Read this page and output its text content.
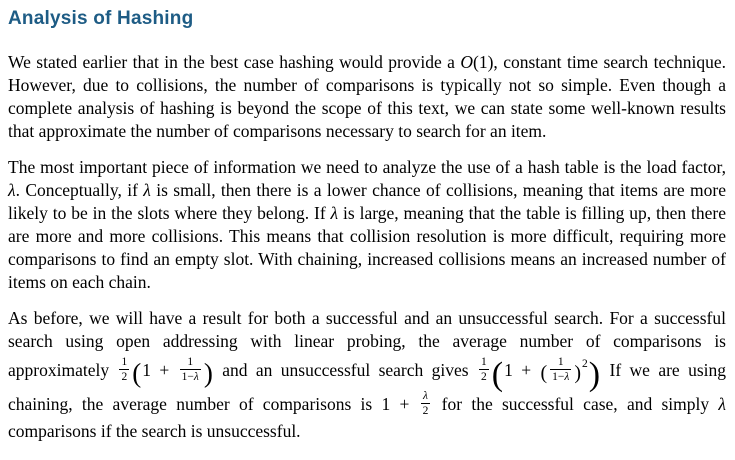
Analysis of Hashing

We stated earlier that in the best case hashing would provide a O(1), constant time search technique. However, due to collisions, the number of comparisons is typically not so simple. Even though a complete analysis of hashing is beyond the scope of this text, we can state some well-known results that approximate the number of comparisons necessary to search for an item.

The most important piece of information we need to analyze the use of a hash table is the load factor, λ. Conceptually, if λ is small, then there is a lower chance of collisions, meaning that items are more likely to be in the slots where they belong. If λ is large, meaning that the table is filling up, then there are more and more collisions. This means that collision resolution is more difficult, requiring more comparisons to find an empty slot. With chaining, increased collisions means an increased number of items on each chain.

As before, we will have a result for both a successful and an unsuccessful search. For a successful search using open addressing with linear probing, the average number of comparisons is approximately $\frac{1}{2} (1 + \frac{1}{1-\lambda}$ ) and an unsuccessful search gives $\frac{1}{2} (1$ + ( $\frac{1}{1-\lambda} )^2$) If we are using chaining, the average number of comparisons is $1 + \frac{\lambda}{2}$ for the successful case, and simply λ comparisons if the search is unsuccessful.
